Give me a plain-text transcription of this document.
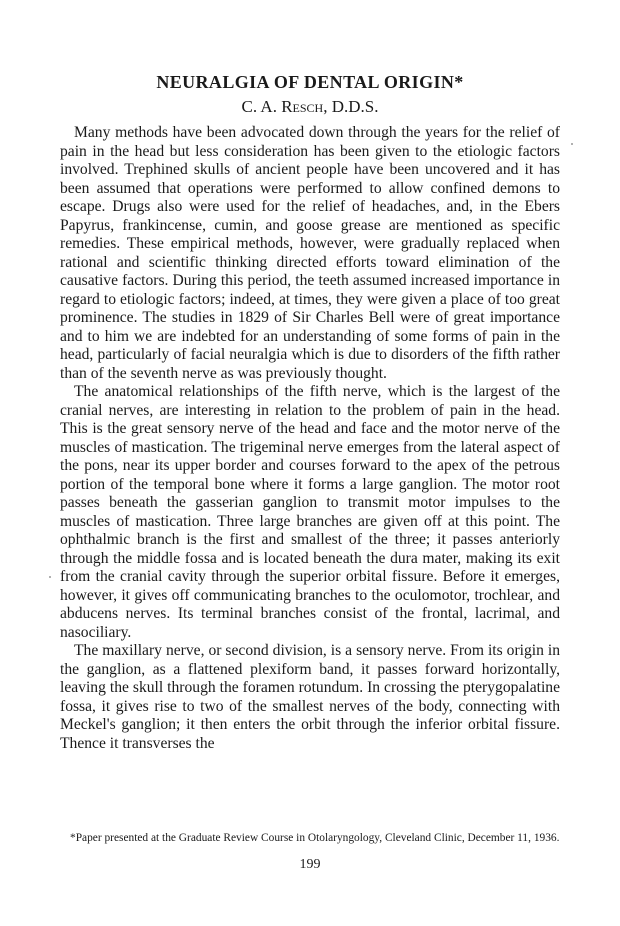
NEURALGIA OF DENTAL ORIGIN*
C. A. Resch, D.D.S.

Many methods have been advocated down through the years for the relief of pain in the head but less consideration has been given to the etiologic factors involved. Trephined skulls of ancient people have been uncovered and it has been assumed that operations were performed to allow confined demons to escape. Drugs also were used for the relief of headaches, and, in the Ebers Papyrus, frankincense, cumin, and goose grease are mentioned as specific remedies. These empirical methods, however, were gradually replaced when rational and scientific thinking directed efforts toward elimination of the causative factors. During this period, the teeth assumed increased importance in regard to etiologic factors; indeed, at times, they were given a place of too great prominence. The studies in 1829 of Sir Charles Bell were of great importance and to him we are indebted for an understanding of some forms of pain in the head, particularly of facial neuralgia which is due to disorders of the fifth rather than of the seventh nerve as was previously thought.

The anatomical relationships of the fifth nerve, which is the largest of the cranial nerves, are interesting in relation to the problem of pain in the head. This is the great sensory nerve of the head and face and the motor nerve of the muscles of mastication. The trigeminal nerve emerges from the lateral aspect of the pons, near its upper border and courses forward to the apex of the petrous portion of the temporal bone where it forms a large ganglion. The motor root passes beneath the gasserian ganglion to transmit motor impulses to the muscles of mastication. Three large branches are given off at this point. The ophthalmic branch is the first and smallest of the three; it passes anteriorly through the middle fossa and is located beneath the dura mater, making its exit from the cranial cavity through the superior orbital fissure. Before it emerges, however, it gives off communicating branches to the oculomotor, trochlear, and abducens nerves. Its terminal branches consist of the frontal, lacrimal, and nasociliary.

The maxillary nerve, or second division, is a sensory nerve. From its origin in the ganglion, as a flattened plexiform band, it passes forward horizontally, leaving the skull through the foramen rotundum. In crossing the pterygopalatine fossa, it gives rise to two of the smallest nerves of the body, connecting with Meckel's ganglion; it then enters the orbit through the inferior orbital fissure. Thence it transverses the

*Paper presented at the Graduate Review Course in Otolaryngology, Cleveland Clinic, December 11, 1936.
199
